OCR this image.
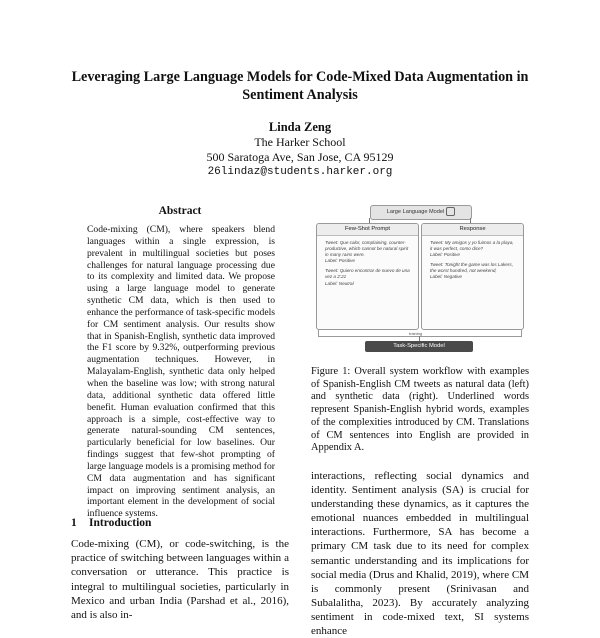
Leveraging Large Language Models for Code-Mixed Data Augmentation in Sentiment Analysis
Linda Zeng
The Harker School
500 Saratoga Ave, San Jose, CA 95129
26lindaz@students.harker.org
Abstract

Code-mixing (CM), where speakers blend languages within a single expression, is prevalent in multilingual societies but poses challenges for natural language processing due to its complexity and limited data. We propose using a large language model to generate synthetic CM data, which is then used to enhance the performance of task-specific models for CM sentiment analysis. Our results show that in Spanish-English, synthetic data improved the F1 score by 9.32%, outperforming previous augmentation techniques. However, in Malayalam-English, synthetic data only helped when the baseline was low; with strong natural data, additional synthetic data offered little benefit. Human evaluation confirmed that this approach is a simple, cost-effective way to generate natural-sounding CM sentences, particularly beneficial for low baselines. Our findings suggest that few-shot prompting of large language models is a promising method for CM data augmentation and has significant impact on improving sentiment analysis, an important element in the development of social influence systems.

1 Introduction

Code-mixing (CM), or code-switching, is the practice of switching between languages within a conversation or utterance. This practice is integral to multilingual societies, particularly in Mexico and urban India (Parshad et al., 2016), and is also in-

Large Language Model
Few-Shot Prompt
Tweet: Que calor, complaining, counter-productive, which cannot be natural spirit in many rains were.
Label: Positive
Tweet: Quiero encontrar de nuevo de una vez a 2:21
Label: Neutral
Response
Tweet: My amigos y yo fuimos a la playa, it was perfect, como dice?
Label: Positive
Tweet: Tonight the game was los Lakers, the worst hundred, not weekend,
Label: Negative
training
Task-Specific Model

Figure 1: Overall system workflow with examples of Spanish-English CM tweets as natural data (left) and synthetic data (right). Underlined words represent Spanish-English hybrid words, examples of the complexities introduced by CM. Translations of CM sentences into English are provided in Appendix A.

interactions, reflecting social dynamics and identity. Sentiment analysis (SA) is crucial for understanding these dynamics, as it captures the emotional nuances embedded in multilingual interactions. Furthermore, SA has become a primary CM task due to its need for complex semantic understanding and its implications for social media (Drus and Khalid, 2019), where CM is commonly present (Srinivasan and Subalalitha, 2023). By accurately analyzing sentiment in code-mixed text, SI systems enhance
